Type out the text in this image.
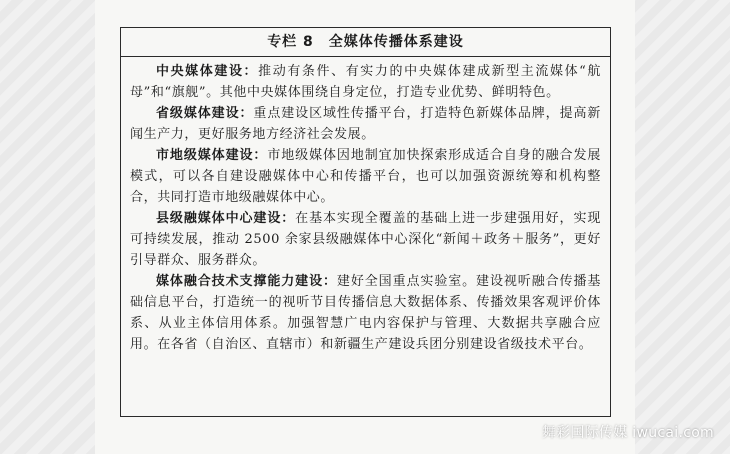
专栏 8　全媒体传播体系建设

中央媒体建设：推动有条件、有实力的中央媒体建成新型主流媒体“航母”和“旗舰”。其他中央媒体围绕自身定位，打造专业优势、鲜明特色。

省级媒体建设：重点建设区域性传播平台，打造特色新媒体品牌，提高新闻生产力，更好服务地方经济社会发展。

市地级媒体建设：市地级媒体因地制宜加快探索形成适合自身的融合发展模式，可以各自建设融媒体中心和传播平台，也可以加强资源统筹和机构整合，共同打造市地级融媒体中心。

县级融媒体中心建设：在基本实现全覆盖的基础上进一步建强用好，实现可持续发展，推动 2500 余家县级融媒体中心深化“新闻＋政务＋服务”，更好引导群众、服务群众。

媒体融合技术支撑能力建设：建好全国重点实验室。建设视听融合传播基础信息平台，打造统一的视听节目传播信息大数据体系、传播效果客观评价体系、从业主体信用体系。加强智慧广电内容保护与管理、大数据共享融合应用。在各省（自治区、直辖市）和新疆生产建设兵团分别建设省级技术平台。

舞彩国际传媒 iwucai.com
